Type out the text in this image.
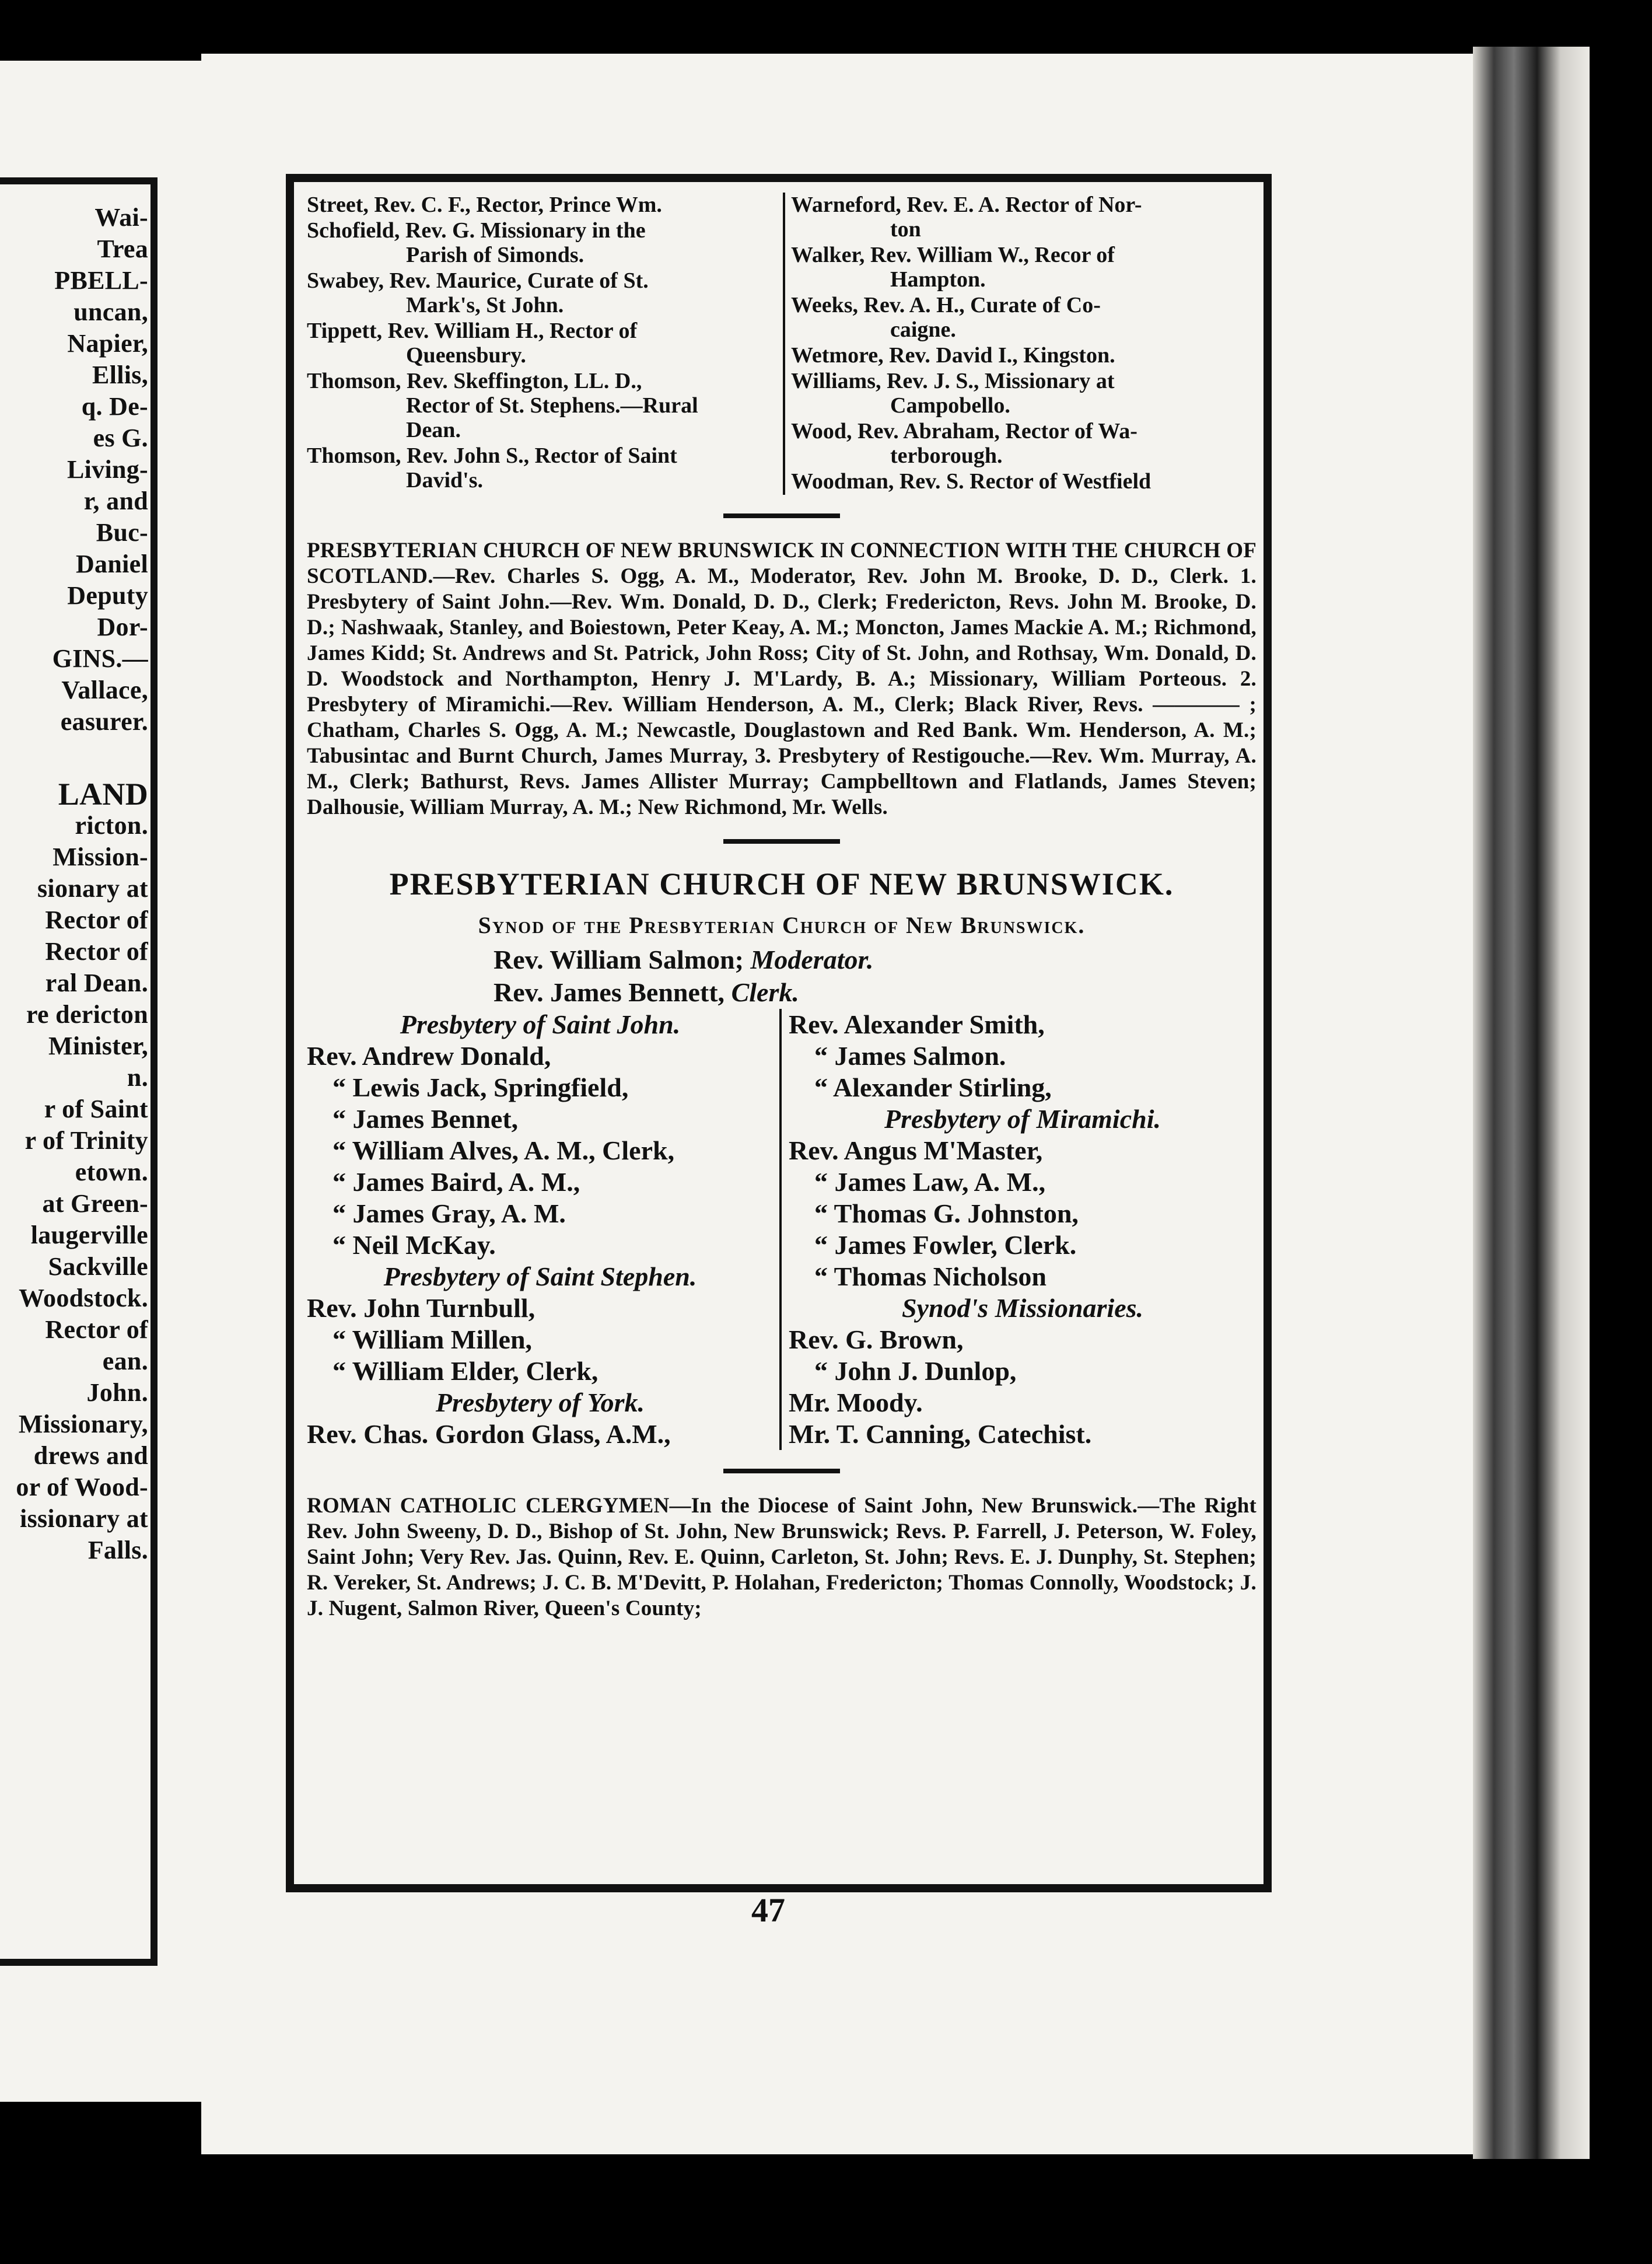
Wai-
Trea
PBELL-
uncan,
Napier,
Ellis,
q. De-
es G.
Living-
r, and
Buc-
Daniel
Deputy
Dor-
GINS.—
Vallace,
easurer.
LAND
ricton.
Mission-
sionary at
Rector of
Rector of
ral Dean.
re dericton
Minister,
n.
r of Saint
r of Trinity
etown.
at Green-
laugerville
Sackville
Woodstock.
Rector of
ean.
John.
Missionary,
drews and
or of Wood-
issionary at
Falls.
Street, Rev. C. F., Rector, Prince Wm.
Schofield, Rev. G. Missionary in the
Parish of Simonds.
Swabey, Rev. Maurice, Curate of St.
Mark's, St John.
Tippett, Rev. William H., Rector of
Queensbury.
Thomson, Rev. Skeffington, LL. D.,
Rector of St. Stephens.—Rural
Dean.
Thomson, Rev. John S., Rector of Saint
David's.
Warneford, Rev. E. A. Rector of Nor-
ton
Walker, Rev. William W., Recor of
Hampton.
Weeks, Rev. A. H., Curate of Co-
caigne.
Wetmore, Rev. David I., Kingston.
Williams, Rev. J. S., Missionary at
Campobello.
Wood, Rev. Abraham, Rector of Wa-
terborough.
Woodman, Rev. S. Rector of Westfield
PRESBYTERIAN CHURCH OF NEW BRUNSWICK IN CONNECTION WITH THE CHURCH OF SCOTLAND.—Rev. Charles S. Ogg, A. M., Moderator, Rev. John M. Brooke, D. D., Clerk. 1. Presbytery of Saint John.—Rev. Wm. Donald, D. D., Clerk; Fredericton, Revs. John M. Brooke, D. D.; Nashwaak, Stanley, and Boiestown, Peter Keay, A. M.; Moncton, James Mackie A. M.; Richmond, James Kidd; St. Andrews and St. Patrick, John Ross; City of St. John, and Rothsay, Wm. Donald, D. D. Woodstock and Northampton, Henry J. M'Lardy, B. A.; Missionary, William Porteous. 2. Presbytery of Miramichi.—Rev. William Henderson, A. M., Clerk; Black River, Revs. ———— ; Chatham, Charles S. Ogg, A. M.; Newcastle, Douglastown and Red Bank. Wm. Henderson, A. M.; Tabusintac and Burnt Church, James Murray, 3. Presbytery of Restigouche.—Rev. Wm. Murray, A. M., Clerk; Bathurst, Revs. James Allister Murray; Campbelltown and Flatlands, James Steven; Dalhousie, William Murray, A. M.; New Richmond, Mr. Wells.
PRESBYTERIAN CHURCH OF NEW BRUNSWICK.
Synod of the Presbyterian Church of New Brunswick.
Rev. William Salmon; Moderator.
Rev. James Bennett, Clerk.
Presbytery of Saint John.
Rev. Andrew Donald,
“ Lewis Jack, Springfield,
“ James Bennet,
“ William Alves, A. M., Clerk,
“ James Baird, A. M.,
“ James Gray, A. M.
“ Neil McKay.
Presbytery of Saint Stephen.
Rev. John Turnbull,
“ William Millen,
“ William Elder, Clerk,
Presbytery of York.
Rev. Chas. Gordon Glass, A.M.,
Rev. Alexander Smith,
“ James Salmon.
“ Alexander Stirling,
Presbytery of Miramichi.
Rev. Angus M'Master,
“ James Law, A. M.,
“ Thomas G. Johnston,
“ James Fowler, Clerk.
“ Thomas Nicholson
Synod's Missionaries.
Rev. G. Brown,
“ John J. Dunlop,
Mr. Moody.
Mr. T. Canning, Catechist.
ROMAN CATHOLIC CLERGYMEN—In the Diocese of Saint John, New Brunswick.—The Right Rev. John Sweeny, D. D., Bishop of St. John, New Brunswick; Revs. P. Farrell, J. Peterson, W. Foley, Saint John; Very Rev. Jas. Quinn, Rev. E. Quinn, Carleton, St. John; Revs. E. J. Dunphy, St. Stephen; R. Vereker, St. Andrews; J. C. B. M'Devitt, P. Holahan, Fredericton; Thomas Connolly, Woodstock; J. J. Nugent, Salmon River, Queen's County;
47
